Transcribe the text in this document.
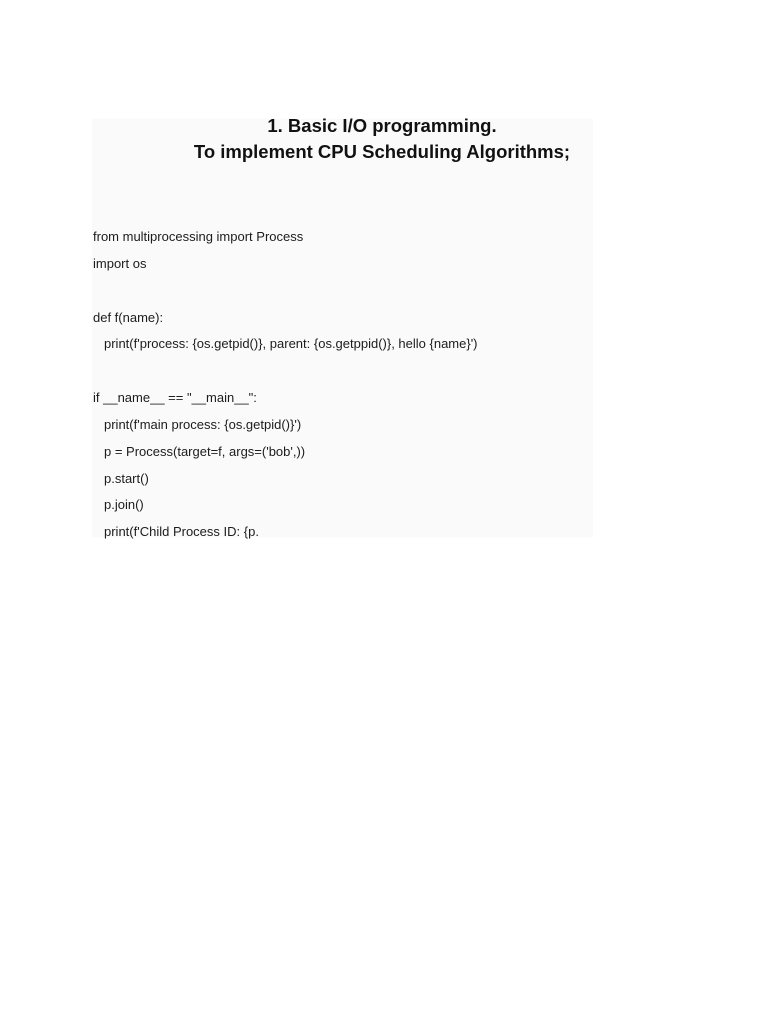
1. Basic I/O programming.
To implement CPU Scheduling Algorithms;

from multiprocessing import Process

import os

def f(name):

print(f'process: {os.getpid()}, parent: {os.getppid()}, hello {name}')

if __name__ == "__main__":

print(f'main process: {os.getpid()}')

p = Process(target=f, args=('bob',))

p.start()

p.join()

print(f'Child Process ID: {p.
